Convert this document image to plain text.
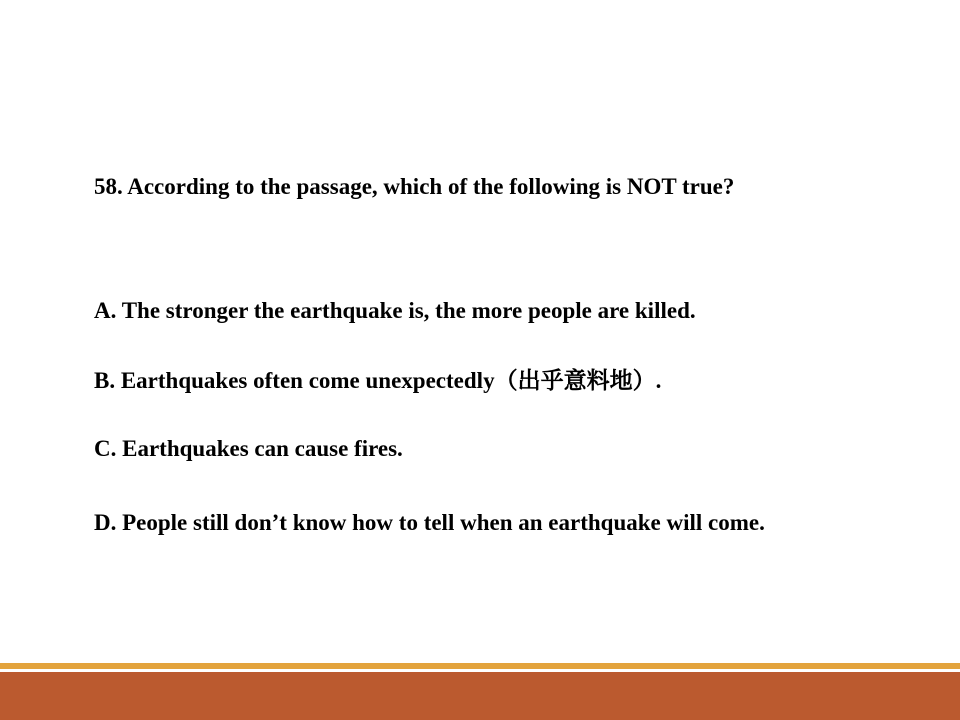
58. According to the passage, which of the following is NOT true?

A. The stronger the earthquake is, the more people are killed.

B. Earthquakes often come unexpectedly（出乎意料地）.

C. Earthquakes can cause fires.

D. People still don’t know how to tell when an earthquake will come.
